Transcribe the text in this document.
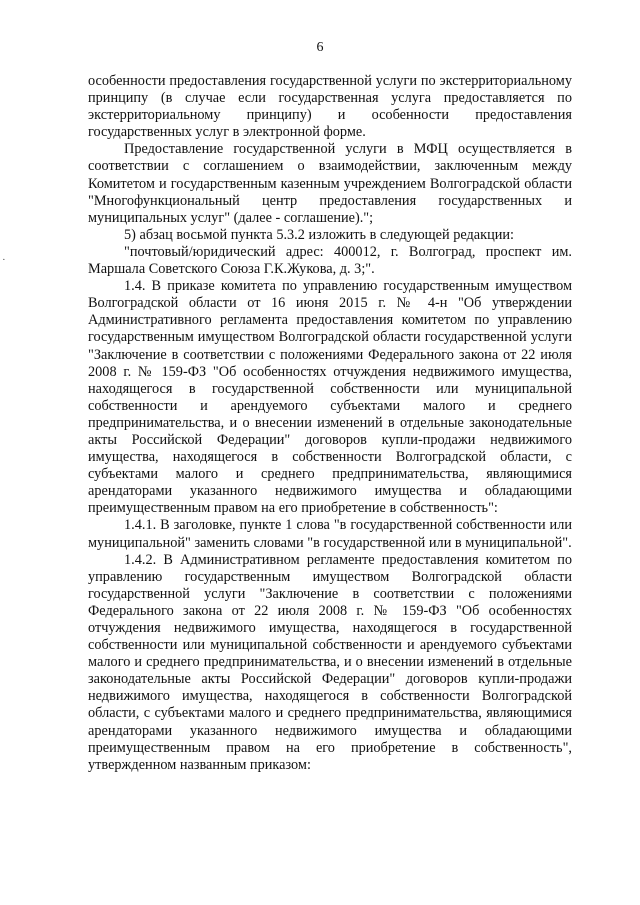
6
·

особенности предоставления государственной услуги по экстерриториальному принципу (в случае если государственная услуга предоставляется по экстерриториальному принципу) и особенности предоставления государственных услуг в электронной форме.

Предоставление государственной услуги в МФЦ осуществляется в соответствии с соглашением о взаимодействии, заключенным между Комитетом и государственным казенным учреждением Волгоградской области "Многофункциональный центр предоставления государственных и муниципальных услуг" (далее - соглашение).";

5) абзац восьмой пункта 5.3.2 изложить в следующей редакции:

"почтовый/юридический адрес: 400012, г. Волгоград, проспект им. Маршала Советского Союза Г.К.Жукова, д. 3;".

1.4. В приказе комитета по управлению государственным имуществом Волгоградской области от 16 июня 2015 г. № 4-н "Об утверждении Административного регламента предоставления комитетом по управлению государственным имуществом Волгоградской области государственной услуги "Заключение в соответствии с положениями Федерального закона от 22 июля 2008 г. № 159-ФЗ "Об особенностях отчуждения недвижимого имущества, находящегося в государственной собственности или муниципальной собственности и арендуемого субъектами малого и среднего предпринимательства, и о внесении изменений в отдельные законодательные акты Российской Федерации" договоров купли-продажи недвижимого имущества, находящегося в собственности Волгоградской области, с субъектами малого и среднего предпринимательства, являющимися арендаторами указанного недвижимого имущества и обладающими преимущественным правом на его приобретение в собственность":

1.4.1. В заголовке, пункте 1 слова "в государственной собственности или муниципальной" заменить словами "в государственной или в муниципальной".

1.4.2. В Административном регламенте предоставления комитетом по управлению государственным имуществом Волгоградской области государственной услуги "Заключение в соответствии с положениями Федерального закона от 22 июля 2008 г. № 159-ФЗ "Об особенностях отчуждения недвижимого имущества, находящегося в государственной собственности или муниципальной собственности и арендуемого субъектами малого и среднего предпринимательства, и о внесении изменений в отдельные законодательные акты Российской Федерации" договоров купли-продажи недвижимого имущества, находящегося в собственности Волгоградской области, с субъектами малого и среднего предпринимательства, являющимися арендаторами указанного недвижимого имущества и обладающими преимущественным правом на его приобретение в собственность", утвержденном названным приказом:
